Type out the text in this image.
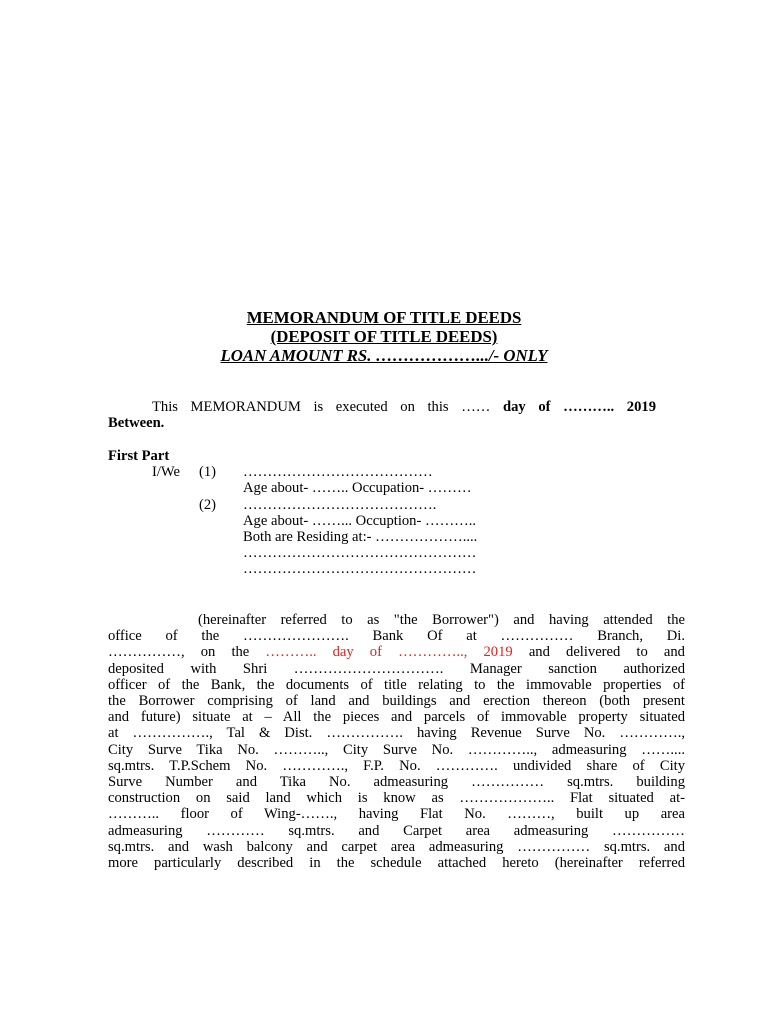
MEMORANDUM OF TITLE DEEDS
(DEPOSIT OF TITLE DEEDS)
LOAN AMOUNT RS. ……………….../- ONLY
This MEMORANDUM is executed on this …… day of ……….. 2019
Between.
First Part
I/We (1) …………………………………
Age about- …….. Occupation- ………
(2) ………………………………….
Age about- ……... Occuption- ………..
Both are Residing at:- ………………....
…………………………………………
…………………………………………
(hereinafter referred to as "the Borrower") and having attended the
office of the …………………. Bank Of at …………… Branch, Di.
……………, on the ……….. day of ………….., 2019 and delivered to and
deposited with Shri …………………………. Manager sanction authorized
officer of the Bank, the documents of title relating to the immovable properties of
the Borrower comprising of land and buildings and erection thereon (both present
and future) situate at – All the pieces and parcels of immovable property situated
at ……………., Tal & Dist. ……………. having Revenue Surve No. ………….,
City Surve Tika No. ……….., City Surve No. ………….., admeasuring ……....
sq.mtrs. T.P.Schem No. …………., F.P. No. …………. undivided share of City
Surve Number and Tika No. admeasuring …………… sq.mtrs. building
construction on said land which is know as ……………….. Flat situated at-
……….. floor of Wing-……., having Flat No. ………, built up area
admeasuring ………… sq.mtrs. and Carpet area admeasuring ……………
sq.mtrs. and wash balcony and carpet area admeasuring …………… sq.mtrs. and
more particularly described in the schedule attached hereto (hereinafter referred
